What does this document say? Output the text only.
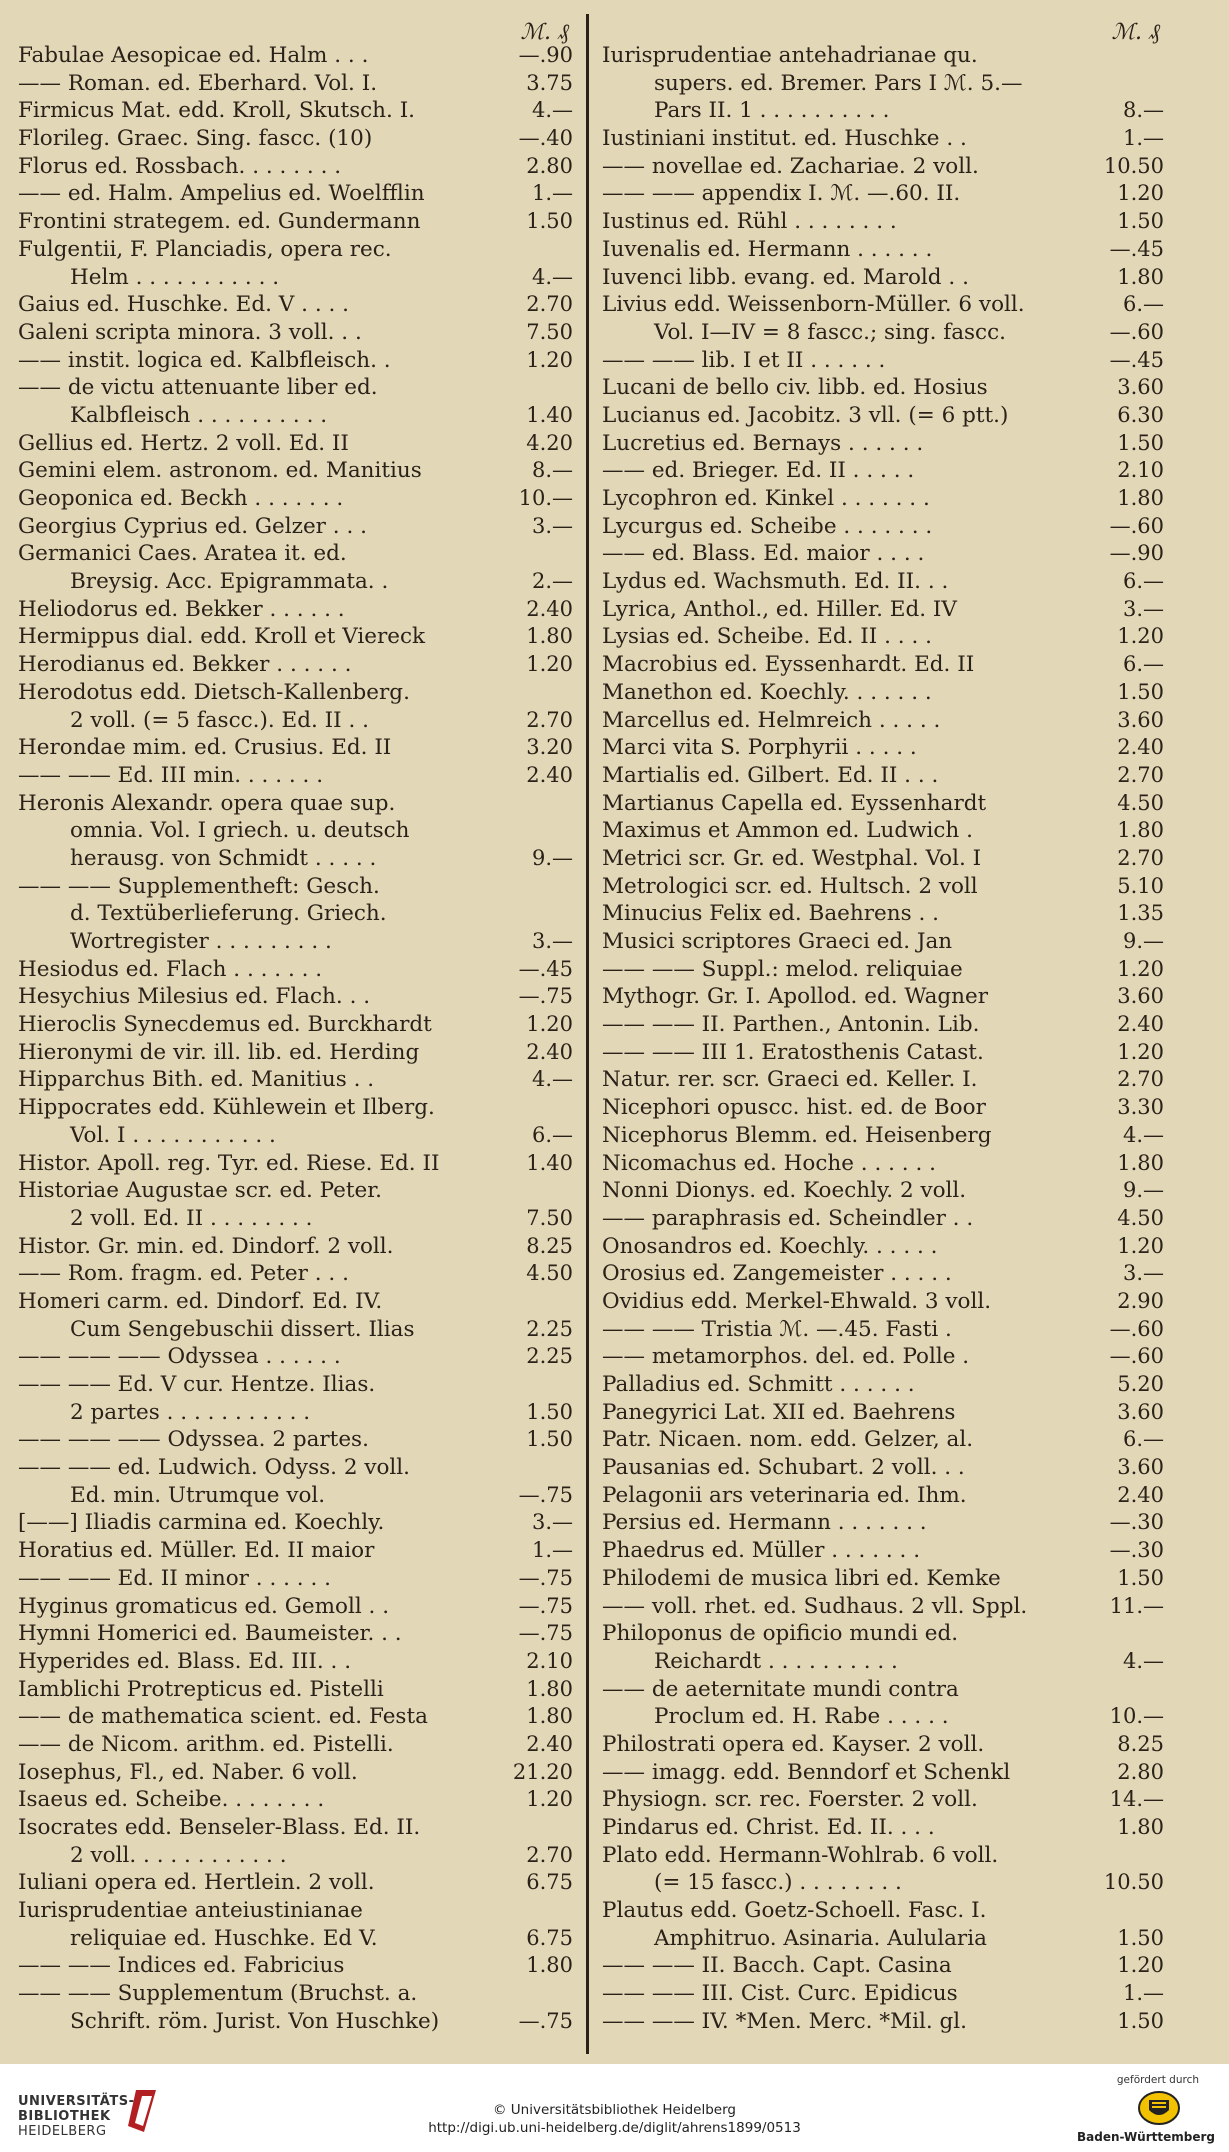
ℳ. ₰
Fabulae Aesopicae ed. Halm . . .	—.90
—— Roman. ed. Eberhard. Vol. I.	3.75
Firmicus Mat. edd. Kroll, Skutsch. I.	4.—
Florileg. Graec. Sing. fascc. (10)	—.40
Florus ed. Rossbach. . . . . . . .	2.80
—— ed. Halm. Ampelius ed. Woelfflin	1.—
Frontini strategem. ed. Gundermann	1.50
Fulgentii, F. Planciadis, opera rec.
Helm . . . . . . . . . . .	4.—
Gaius ed. Huschke. Ed. V . . . .	2.70
Galeni scripta minora. 3 voll. . .	7.50
—— instit. logica ed. Kalbfleisch. .	1.20
—— de victu attenuante liber ed.
Kalbfleisch . . . . . . . . . .	1.40
Gellius ed. Hertz. 2 voll. Ed. II	4.20
Gemini elem. astronom. ed. Manitius	8.—
Geoponica ed. Beckh . . . . . . .	10.—
Georgius Cyprius ed. Gelzer . . .	3.—
Germanici Caes. Aratea it. ed.
Breysig. Acc. Epigrammata. .	2.—
Heliodorus ed. Bekker . . . . . .	2.40
Hermippus dial. edd. Kroll et Viereck	1.80
Herodianus ed. Bekker . . . . . .	1.20
Herodotus edd. Dietsch-Kallenberg.
2 voll. (= 5 fascc.). Ed. II . .	2.70
Herondae mim. ed. Crusius. Ed. II	3.20
—— —— Ed. III min. . . . . . .	2.40
Heronis Alexandr. opera quae sup.
omnia. Vol. I griech. u. deutsch
herausg. von Schmidt . . . . .	9.—
—— —— Supplementheft: Gesch.
d. Textüberlieferung. Griech.
Wortregister . . . . . . . . .	3.—
Hesiodus ed. Flach . . . . . . .	—.45
Hesychius Milesius ed. Flach. . .	—.75
Hieroclis Synecdemus ed. Burckhardt	1.20
Hieronymi de vir. ill. lib. ed. Herding	2.40
Hipparchus Bith. ed. Manitius . .	4.—
Hippocrates edd. Kühlewein et Ilberg.
Vol. I . . . . . . . . . . .	6.—
Histor. Apoll. reg. Tyr. ed. Riese. Ed. II	1.40
Historiae Augustae scr. ed. Peter.
2 voll. Ed. II . . . . . . . .	7.50
Histor. Gr. min. ed. Dindorf. 2 voll.	8.25
—— Rom. fragm. ed. Peter . . .	4.50
Homeri carm. ed. Dindorf. Ed. IV.
Cum Sengebuschii dissert. Ilias	2.25
—— —— —— Odyssea . . . . . .	2.25
—— —— Ed. V cur. Hentze. Ilias.
2 partes . . . . . . . . . . .	1.50
—— —— —— Odyssea. 2 partes.	1.50
—— —— ed. Ludwich. Odyss. 2 voll.
Ed. min. Utrumque vol.	—.75
[——] Iliadis carmina ed. Koechly.	3.—
Horatius ed. Müller. Ed. II maior	1.—
—— —— Ed. II minor . . . . . .	—.75
Hyginus gromaticus ed. Gemoll . .	—.75
Hymni Homerici ed. Baumeister. . .	—.75
Hyperides ed. Blass. Ed. III. . .	2.10
Iamblichi Protrepticus ed. Pistelli	1.80
—— de mathematica scient. ed. Festa	1.80
—— de Nicom. arithm. ed. Pistelli.	2.40
Iosephus, Fl., ed. Naber. 6 voll.	21.20
Isaeus ed. Scheibe. . . . . . . .	1.20
Isocrates edd. Benseler-Blass. Ed. II.
2 voll. . . . . . . . . . . .	2.70
Iuliani opera ed. Hertlein. 2 voll.	6.75
Iurisprudentiae anteiustinianae
reliquiae ed. Huschke. Ed V.	6.75
—— —— Indices ed. Fabricius	1.80
—— —— Supplementum (Bruchst. a.
Schrift. röm. Jurist. Von Huschke)	—.75
ℳ. ₰
Iurisprudentiae antehadrianae qu.
supers. ed. Bremer. Pars I ℳ. 5.—
Pars II. 1 . . . . . . . . . .	8.—
Iustiniani institut. ed. Huschke . .	1.—
—— novellae ed. Zachariae. 2 voll.	10.50
—— —— appendix I. ℳ. —.60. II.	1.20
Iustinus ed. Rühl . . . . . . . .	1.50
Iuvenalis ed. Hermann . . . . . .	—.45
Iuvenci libb. evang. ed. Marold . .	1.80
Livius edd. Weissenborn-Müller. 6 voll.	6.—
Vol. I—IV = 8 fascc.; sing. fascc.	—.60
—— —— lib. I et II . . . . . .	—.45
Lucani de bello civ. libb. ed. Hosius	3.60
Lucianus ed. Jacobitz. 3 vll. (= 6 ptt.)	6.30
Lucretius ed. Bernays . . . . . .	1.50
—— ed. Brieger. Ed. II . . . . .	2.10
Lycophron ed. Kinkel . . . . . . .	1.80
Lycurgus ed. Scheibe . . . . . . .	—.60
—— ed. Blass. Ed. maior . . . .	—.90
Lydus ed. Wachsmuth. Ed. II. . .	6.—
Lyrica, Anthol., ed. Hiller. Ed. IV	3.—
Lysias ed. Scheibe. Ed. II . . . .	1.20
Macrobius ed. Eyssenhardt. Ed. II	6.—
Manethon ed. Koechly. . . . . . .	1.50
Marcellus ed. Helmreich . . . . .	3.60
Marci vita S. Porphyrii . . . . .	2.40
Martialis ed. Gilbert. Ed. II . . .	2.70
Martianus Capella ed. Eyssenhardt	4.50
Maximus et Ammon ed. Ludwich .	1.80
Metrici scr. Gr. ed. Westphal. Vol. I	2.70
Metrologici scr. ed. Hultsch. 2 voll	5.10
Minucius Felix ed. Baehrens . .	1.35
Musici scriptores Graeci ed. Jan	9.—
—— —— Suppl.: melod. reliquiae	1.20
Mythogr. Gr. I. Apollod. ed. Wagner	3.60
—— —— II. Parthen., Antonin. Lib.	2.40
—— —— III 1. Eratosthenis Catast.	1.20
Natur. rer. scr. Graeci ed. Keller. I.	2.70
Nicephori opuscc. hist. ed. de Boor	3.30
Nicephorus Blemm. ed. Heisenberg	4.—
Nicomachus ed. Hoche . . . . . .	1.80
Nonni Dionys. ed. Koechly. 2 voll.	9.—
—— paraphrasis ed. Scheindler . .	4.50
Onosandros ed. Koechly. . . . . .	1.20
Orosius ed. Zangemeister . . . . .	3.—
Ovidius edd. Merkel-Ehwald. 3 voll.	2.90
—— —— Tristia ℳ. —.45. Fasti .	—.60
—— metamorphos. del. ed. Polle .	—.60
Palladius ed. Schmitt . . . . . .	5.20
Panegyrici Lat. XII ed. Baehrens	3.60
Patr. Nicaen. nom. edd. Gelzer, al.	6.—
Pausanias ed. Schubart. 2 voll. . .	3.60
Pelagonii ars veterinaria ed. Ihm.	2.40
Persius ed. Hermann . . . . . . .	—.30
Phaedrus ed. Müller . . . . . . .	—.30
Philodemi de musica libri ed. Kemke	1.50
—— voll. rhet. ed. Sudhaus. 2 vll. Sppl.	11.—
Philoponus de opificio mundi ed.
Reichardt . . . . . . . . . .	4.—
—— de aeternitate mundi contra
Proclum ed. H. Rabe . . . . .	10.—
Philostrati opera ed. Kayser. 2 voll.	8.25
—— imagg. edd. Benndorf et Schenkl	2.80
Physiogn. scr. rec. Foerster. 2 voll.	14.—
Pindarus ed. Christ. Ed. II. . . .	1.80
Plato edd. Hermann-Wohlrab. 6 voll.
(= 15 fascc.) . . . . . . . .	10.50
Plautus edd. Goetz-Schoell. Fasc. I.
Amphitruo. Asinaria. Aulularia	1.50
—— —— II. Bacch. Capt. Casina	1.20
—— —— III. Cist. Curc. Epidicus	1.—
—— —— IV. *Men. Merc. *Mil. gl.	1.50
UNIVERSITÄTS-
BIBLIOTHEK
HEIDELBERG
© Universitätsbibliothek Heidelberg
http://digi.ub.uni-heidelberg.de/diglit/ahrens1899/0513
gefördert durch
Baden-Württemberg
